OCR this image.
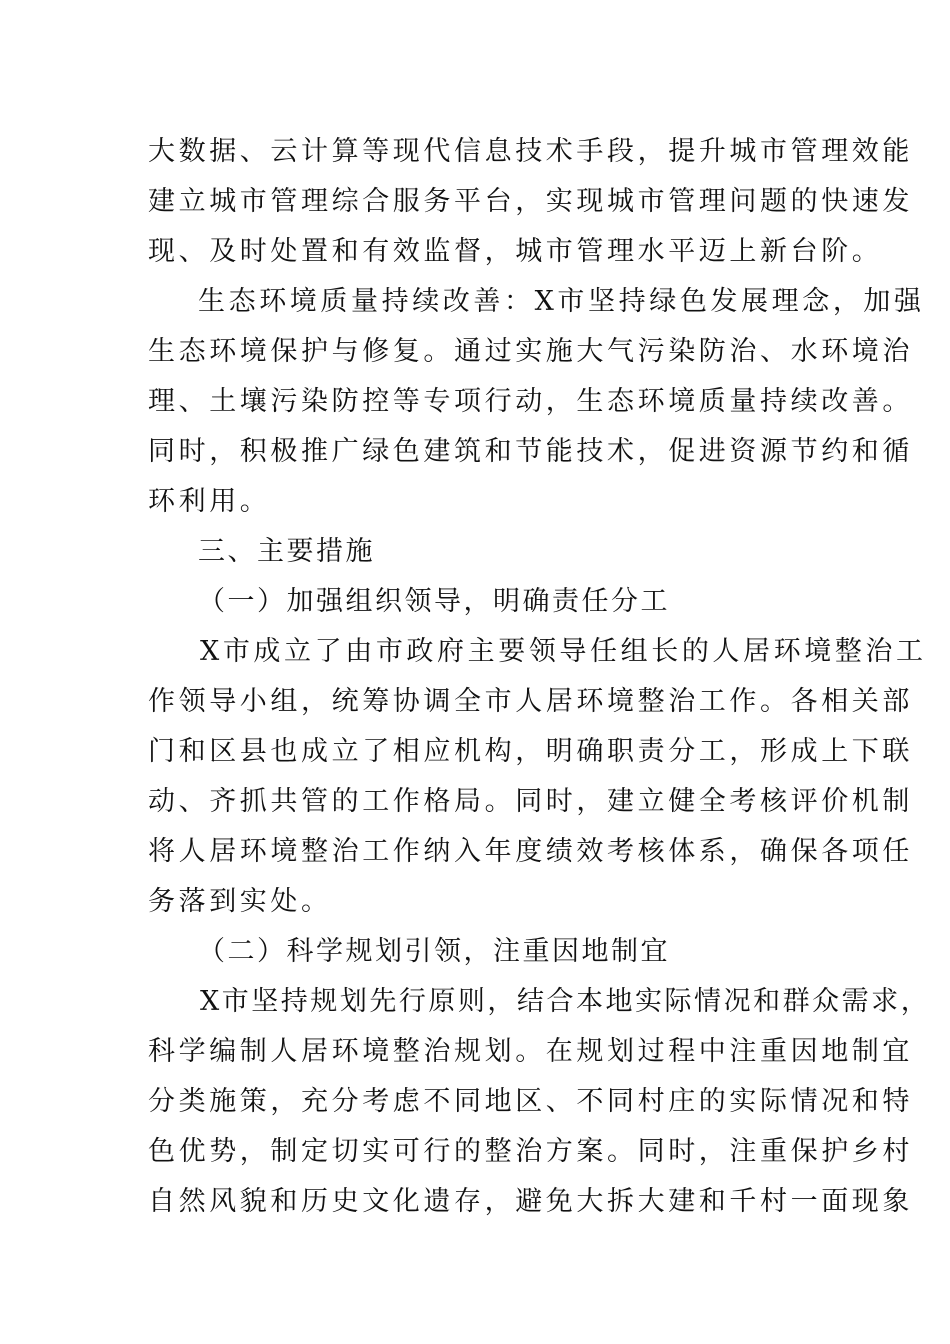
大数据、云计算等现代信息技术手段，提升城市管理效能
建立城市管理综合服务平台，实现城市管理问题的快速发
现、及时处置和有效监督，城市管理水平迈上新台阶。
生态环境质量持续改善：X市坚持绿色发展理念，加强
生态环境保护与修复。通过实施大气污染防治、水环境治
理、土壤污染防控等专项行动，生态环境质量持续改善。
同时，积极推广绿色建筑和节能技术，促进资源节约和循
环利用。
三、主要措施
（一）加强组织领导，明确责任分工
X市成立了由市政府主要领导任组长的人居环境整治工
作领导小组，统筹协调全市人居环境整治工作。各相关部
门和区县也成立了相应机构，明确职责分工，形成上下联
动、齐抓共管的工作格局。同时，建立健全考核评价机制
将人居环境整治工作纳入年度绩效考核体系，确保各项任
务落到实处。
（二）科学规划引领，注重因地制宜
X市坚持规划先行原则，结合本地实际情况和群众需求，
科学编制人居环境整治规划。在规划过程中注重因地制宜
分类施策，充分考虑不同地区、不同村庄的实际情况和特
色优势，制定切实可行的整治方案。同时，注重保护乡村
自然风貌和历史文化遗存，避免大拆大建和千村一面现象
